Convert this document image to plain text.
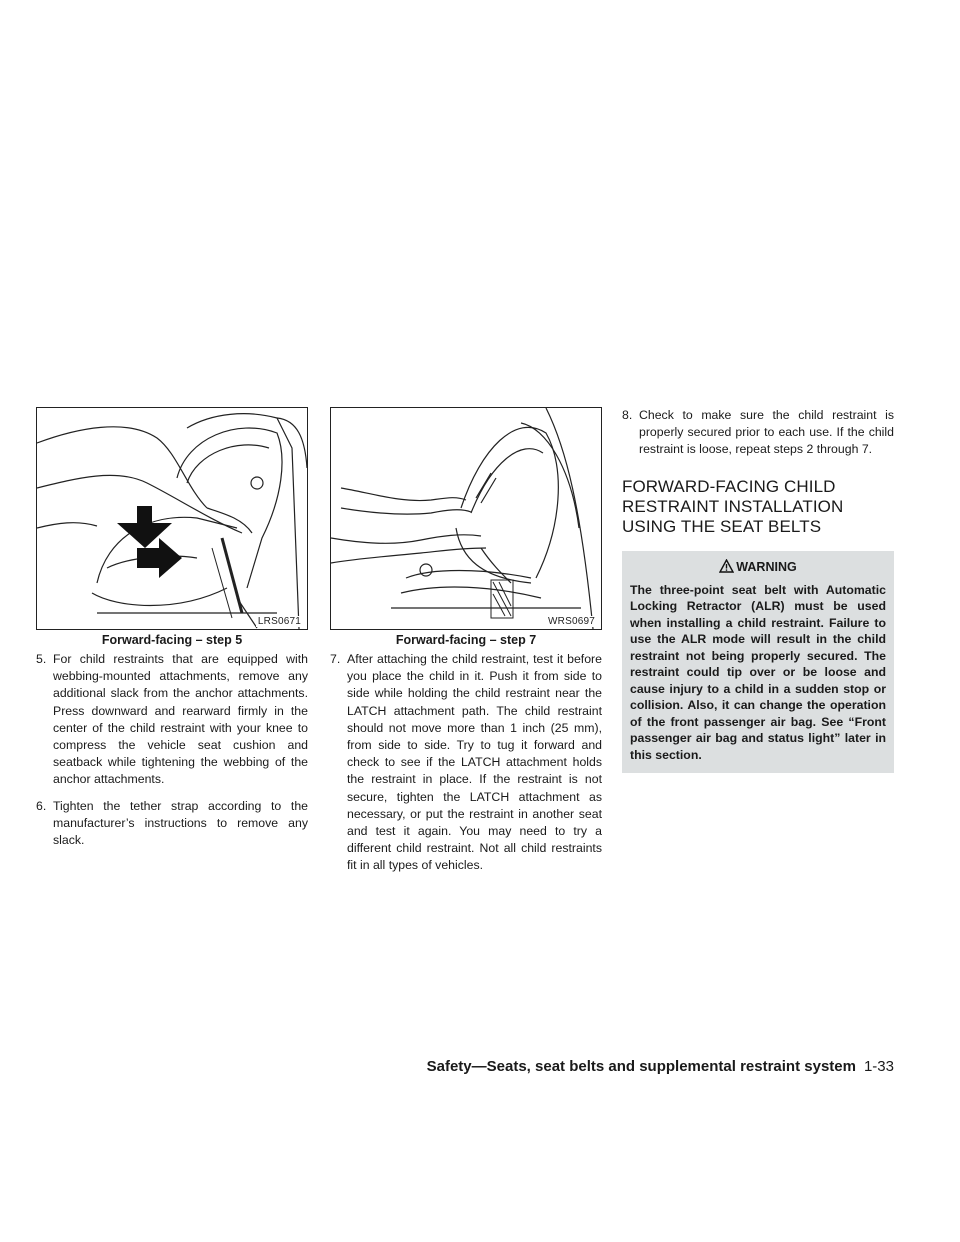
LRS0671
Forward-facing – step 5

5. For child restraints that are equipped with webbing-mounted attachments, remove any additional slack from the anchor attachments. Press downward and rearward firmly in the center of the child restraint with your knee to compress the vehicle seat cushion and seatback while tightening the webbing of the anchor attachments.

6. Tighten the tether strap according to the manufacturer’s instructions to remove any slack.

WRS0697
Forward-facing – step 7

7. After attaching the child restraint, test it before you place the child in it. Push it from side to side while holding the child restraint near the LATCH attachment path. The child restraint should not move more than 1 inch (25 mm), from side to side. Try to tug it forward and check to see if the LATCH attachment holds the restraint in place. If the restraint is not secure, tighten the LATCH attachment as necessary, or put the restraint in another seat and test it again. You may need to try a different child restraint. Not all child restraints fit in all types of vehicles.

8. Check to make sure the child restraint is properly secured prior to each use. If the child restraint is loose, repeat steps 2 through 7.

FORWARD-FACING CHILD RESTRAINT INSTALLATION USING THE SEAT BELTS
WARNING
The three-point seat belt with Automatic Locking Retractor (ALR) must be used when installing a child restraint. Failure to use the ALR mode will result in the child restraint not being properly secured. The restraint could tip over or be loose and cause injury to a child in a sudden stop or collision. Also, it can change the operation of the front passenger air bag. See “Front passenger air bag and status light” later in this section.
Safety—Seats, seat belts and supplemental restraint system 1-33
